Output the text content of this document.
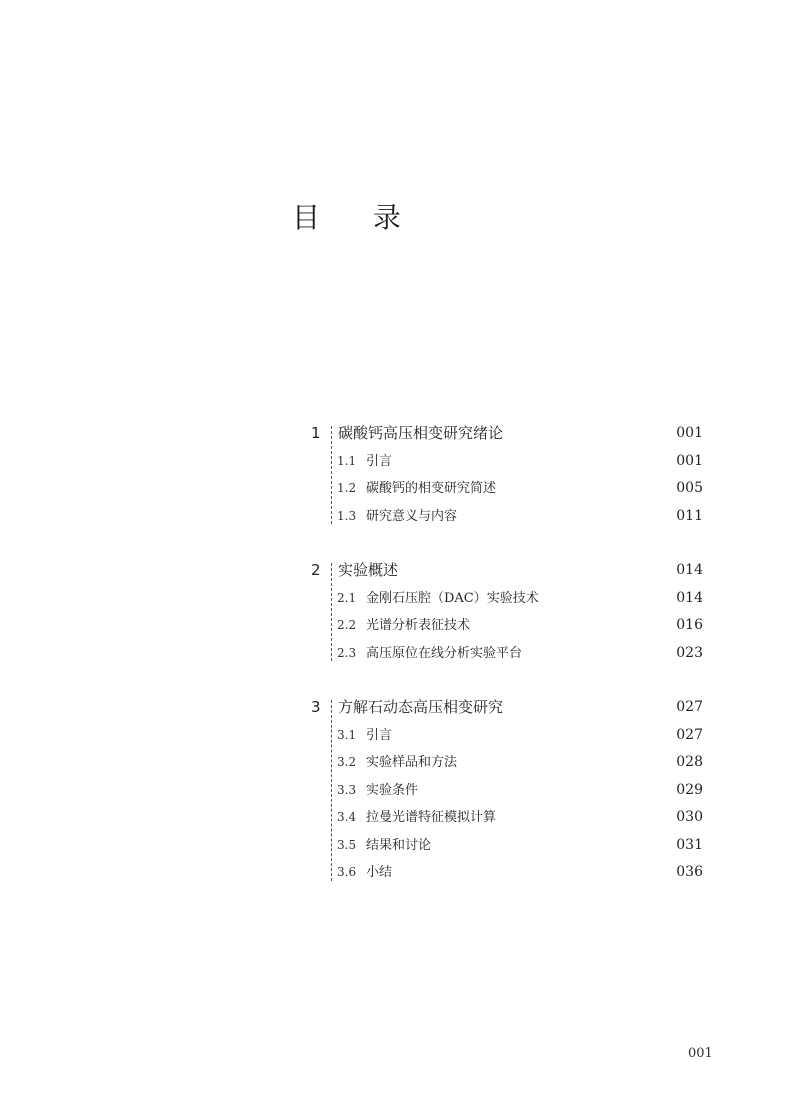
目 录
1 碳酸钙高压相变研究绪论	001
1.1 引言	001
1.2 碳酸钙的相变研究简述	005
1.3 研究意义与内容	011
2 实验概述	014
2.1 金刚石压腔（DAC）实验技术	014
2.2 光谱分析表征技术	016
2.3 高压原位在线分析实验平台	023
3 方解石动态高压相变研究	027
3.1 引言	027
3.2 实验样品和方法	028
3.3 实验条件	029
3.4 拉曼光谱特征模拟计算	030
3.5 结果和讨论	031
3.6 小结	036
001
